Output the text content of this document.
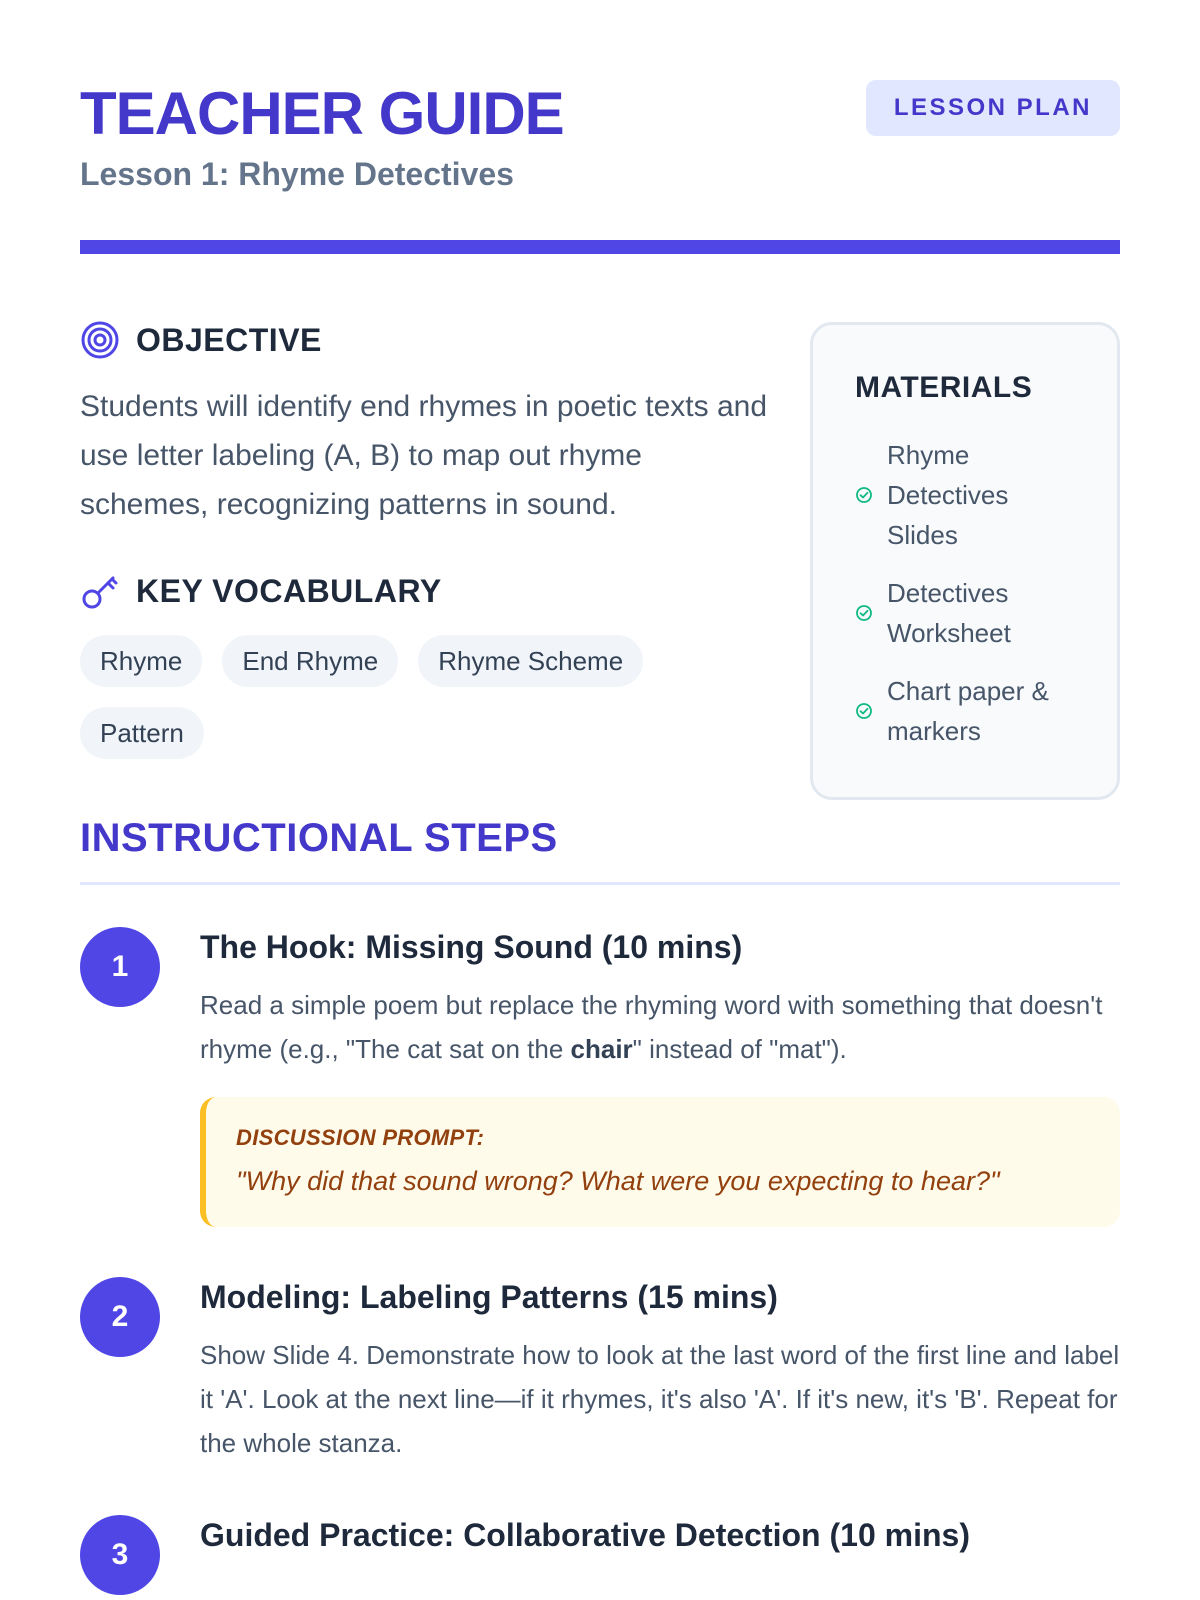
TEACHER GUIDE
Lesson 1: Rhyme Detectives
LESSON PLAN
OBJECTIVE

Students will identify end rhymes in poetic texts and use letter labeling (A, B) to map out rhyme schemes, recognizing patterns in sound.

KEY VOCABULARY
Rhyme	End Rhyme	Rhyme Scheme
Pattern
MATERIALS
Rhyme Detectives Slides
Detectives Worksheet
Chart paper & markers
INSTRUCTIONAL STEPS
1
The Hook: Missing Sound (10 mins)

Read a simple poem but replace the rhyming word with something that doesn't rhyme (e.g., "The cat sat on the chair" instead of "mat").

DISCUSSION PROMPT:
"Why did that sound wrong? What were you expecting to hear?"
2
Modeling: Labeling Patterns (15 mins)

Show Slide 4. Demonstrate how to look at the last word of the first line and label it 'A'. Look at the next line—if it rhymes, it's also 'A'. If it's new, it's 'B'. Repeat for the whole stanza.

3
Guided Practice: Collaborative Detection (10 mins)
